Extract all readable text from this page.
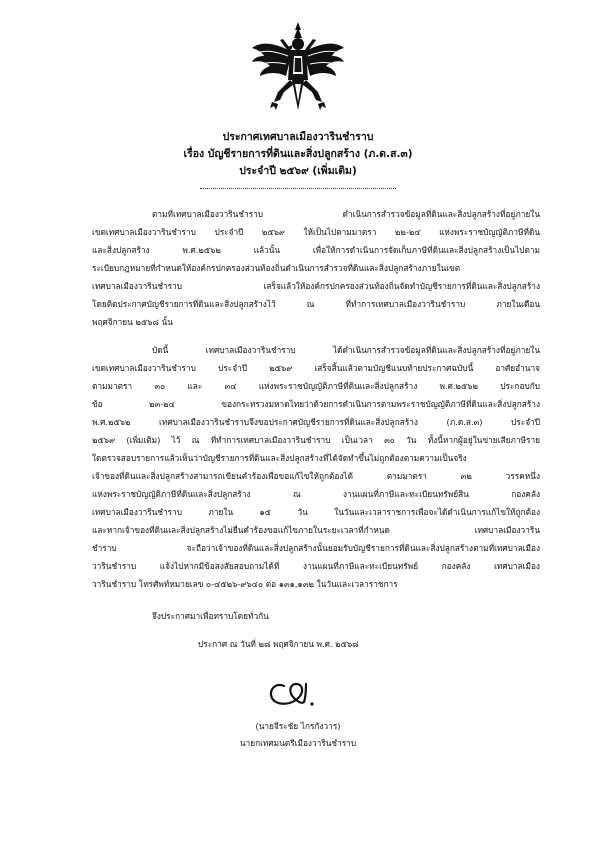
ประกาศเทศบาลเมืองวารินชำราบ
เรื่อง บัญชีรายการที่ดินและสิ่งปลูกสร้าง (ภ.ด.ส.๓)
ประจำปี ๒๕๖๙ (เพิ่มเติม)
ตามที่เทศบาลเมืองวารินชำราบ ดำเนินการสำรวจข้อมูลที่ดินและสิ่งปลูกสร้างที่อยู่ภายใน
เขตเทศบาลเมืองวารินชำราบ ประจำปี ๒๕๖๙ ให้เป็นไปตามมาตรา ๒๒-๒๔ แห่งพระราชบัญญัติภาษีที่ดิน
และสิ่งปลูกสร้าง พ.ศ.๒๕๖๒ แล้วนั้น เพื่อให้การดำเนินการจัดเก็บภาษีที่ดินและสิ่งปลูกสร้างเป็นไปตาม
ระเบียบกฎหมายที่กำหนดให้องค์กรปกครองส่วนท้องถิ่นดำเนินการสำรวจที่ดินและสิ่งปลูกสร้างภายในเขต
เทศบาลเมืองวารินชำราบ เสร็จแล้วให้องค์กรปกครองส่วนท้องถิ่นจัดทำบัญชีรายการที่ดินและสิ่งปลูกสร้าง
โดยติดประกาศบัญชีรายการที่ดินและสิ่งปลูกสร้างไว้ ณ ที่ทำการเทศบาลเมืองวารินชำราบ ภายในเดือน
พฤศจิกายน ๒๕๖๘ นั้น
บัดนี้ เทศบาลเมืองวารินชำราบ ได้ดำเนินการสำรวจข้อมูลที่ดินและสิ่งปลูกสร้างที่อยู่ภายใน
เขตเทศบาลเมืองวารินชำราบ ประจำปี ๒๕๖๙ เสร็จสิ้นแล้วตามบัญชีแนบท้ายประกาศฉบับนี้ อาศัยอำนาจ
ตามมาตรา ๓๐ และ ๓๔ แห่งพระราชบัญญัติภาษีที่ดินและสิ่งปลูกสร้าง พ.ศ.๒๕๖๒ ประกอบกับ
ข้อ ๒๓-๒๔ ของกระทรวงมหาดไทยว่าด้วยการดำเนินการตามพระราชบัญญัติภาษีที่ดินและสิ่งปลูกสร้าง
พ.ศ.๒๕๖๒ เทศบาลเมืองวารินชำราบจึงขอประกาศบัญชีรายการที่ดินและสิ่งปลูกสร้าง (ภ.ด.ส.๓) ประจำปี
๒๕๖๙ (เพิ่มเติม) ไว้ ณ ที่ทำการเทศบาลเมืองวารินชำราบ เป็นเวลา ๓๐ วัน ทั้งนี้หากผู้อยู่ในข่ายเสียภาษีราย
ใดตรวจสอบรายการแล้วเห็นว่าบัญชีรายการที่ดินและสิ่งปลูกสร้างที่ได้จัดทำขึ้นไม่ถูกต้องตามความเป็นจริง
เจ้าของที่ดินและสิ่งปลูกสร้างสามารถเขียนคำร้องเพื่อขอแก้ไขให้ถูกต้องได้ ตามมาตรา ๓๒ วรรคหนึ่ง
แห่งพระราชบัญญัติภาษีที่ดินและสิ่งปลูกสร้าง ณ งานแผนที่ภาษีและทะเบียนทรัพย์สิน กองคลัง
เทศบาลเมืองวารินชำราบ ภายใน ๑๕ วัน ในวันและเวลาราชการเพื่อจะได้ดำเนินการแก้ไขให้ถูกต้อง
และหากเจ้าของที่ดินและสิ่งปลูกสร้างไม่ยื่นคำร้องขอแก้ไขภายในระยะเวลาที่กำหนด เทศบาลเมืองวาริน
ชำราบ จะถือว่าเจ้าของที่ดินและสิ่งปลูกสร้างนั้นยอมรับบัญชีรายการที่ดินและสิ่งปลูกสร้างตามที่เทศบาลเมือง
วารินชำราบ แจ้งไปหากมีข้อสงสัยสอบถามได้ที่ งานแผนที่ภาษีและทะเบียนทรัพย์ กองคลัง เทศบาลเมือง
วารินชำราบ โทรศัพท์หมายเลข ๐-๔๕๒๖-๙๖๔๐ ต่อ ๑๓๑,๑๓๒ ในวันและเวลาราชการ
จึงประกาศมาเพื่อทราบโดยทั่วกัน
ประกาศ ณ วันที่ ๒๘ พฤศจิกายน พ.ศ. ๒๕๖๘
(นายจีระชัย ไกรกังวาร)
นายกเทศมนตรีเมืองวารินชำราบ
